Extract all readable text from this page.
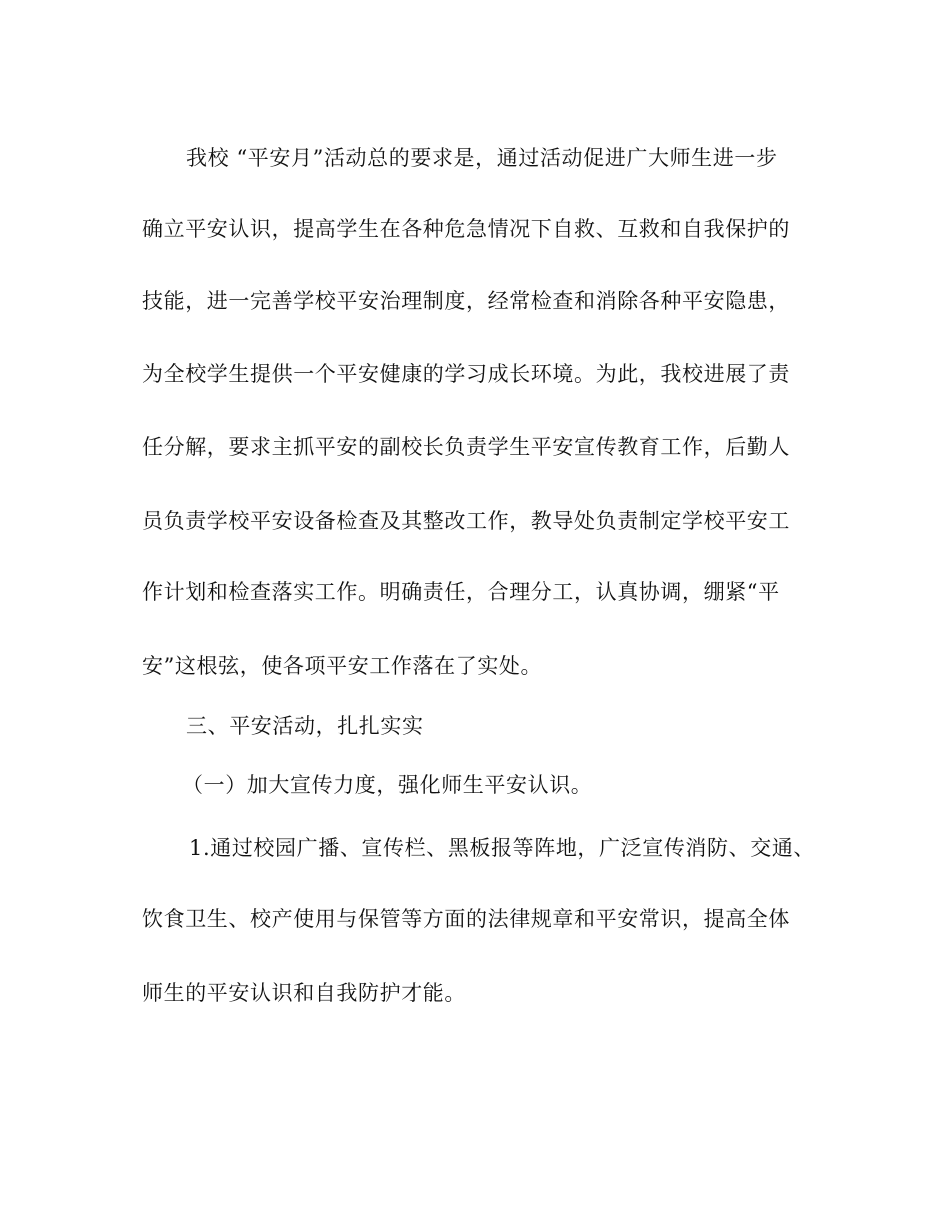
我校 “平安月”活动总的要求是，通过活动促进广大师生进一步
确立平安认识，提高学生在各种危急情况下自救、互救和自我保护的
技能，进一完善学校平安治理制度，经常检查和消除各种平安隐患，
为全校学生提供一个平安健康的学习成长环境。为此，我校进展了责
任分解，要求主抓平安的副校长负责学生平安宣传教育工作，后勤人
员负责学校平安设备检查及其整改工作，教导处负责制定学校平安工
作计划和检查落实工作。明确责任，合理分工，认真协调，绷紧“平
安”这根弦，使各项平安工作落在了实处。
三、平安活动，扎扎实实
（一）加大宣传力度，强化师生平安认识。
1.通过校园广播、宣传栏、黑板报等阵地，广泛宣传消防、交通、
饮食卫生、校产使用与保管等方面的法律规章和平安常识，提高全体
师生的平安认识和自我防护才能。
